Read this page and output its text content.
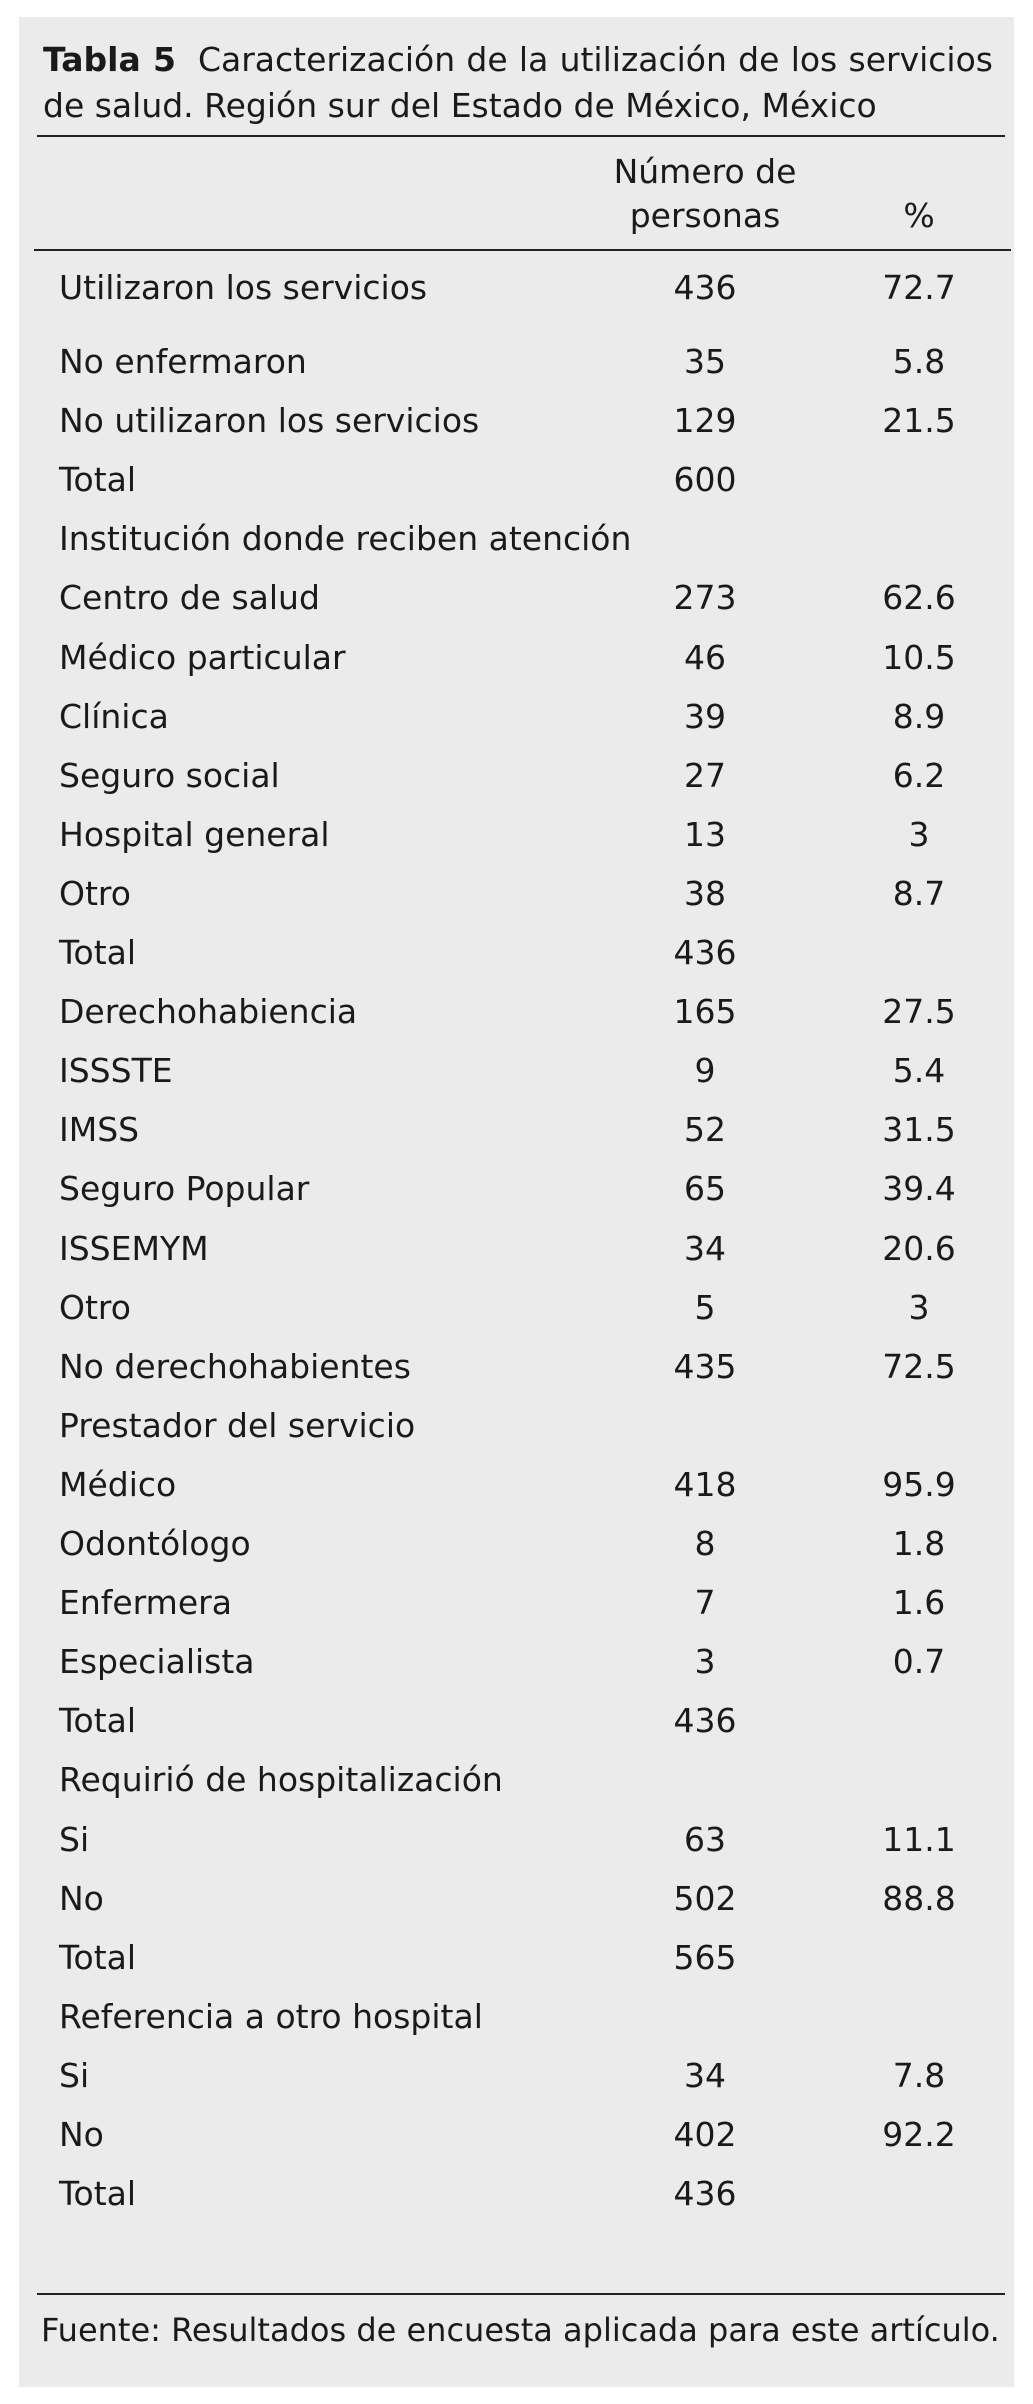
Tabla 5 Caracterización de la utilización de los servicios de salud. Región sur del Estado de México, México
Número de personas	%
Utilizaron los servicios	436	72.7
No enfermaron	35	5.8
No utilizaron los servicios	129	21.5
Total	600
Institución donde reciben atención
Centro de salud	273	62.6
Médico particular	46	10.5
Clínica	39	8.9
Seguro social	27	6.2
Hospital general	13	3
Otro	38	8.7
Total	436
Derechohabiencia	165	27.5
ISSSTE	9	5.4
IMSS	52	31.5
Seguro Popular	65	39.4
ISSEMYM	34	20.6
Otro	5	3
No derechohabientes	435	72.5
Prestador del servicio
Médico	418	95.9
Odontólogo	8	1.8
Enfermera	7	1.6
Especialista	3	0.7
Total	436
Requirió de hospitalización
Si	63	11.1
No	502	88.8
Total	565
Referencia a otro hospital
Si	34	7.8
No	402	92.2
Total	436
Fuente: Resultados de encuesta aplicada para este artículo.
